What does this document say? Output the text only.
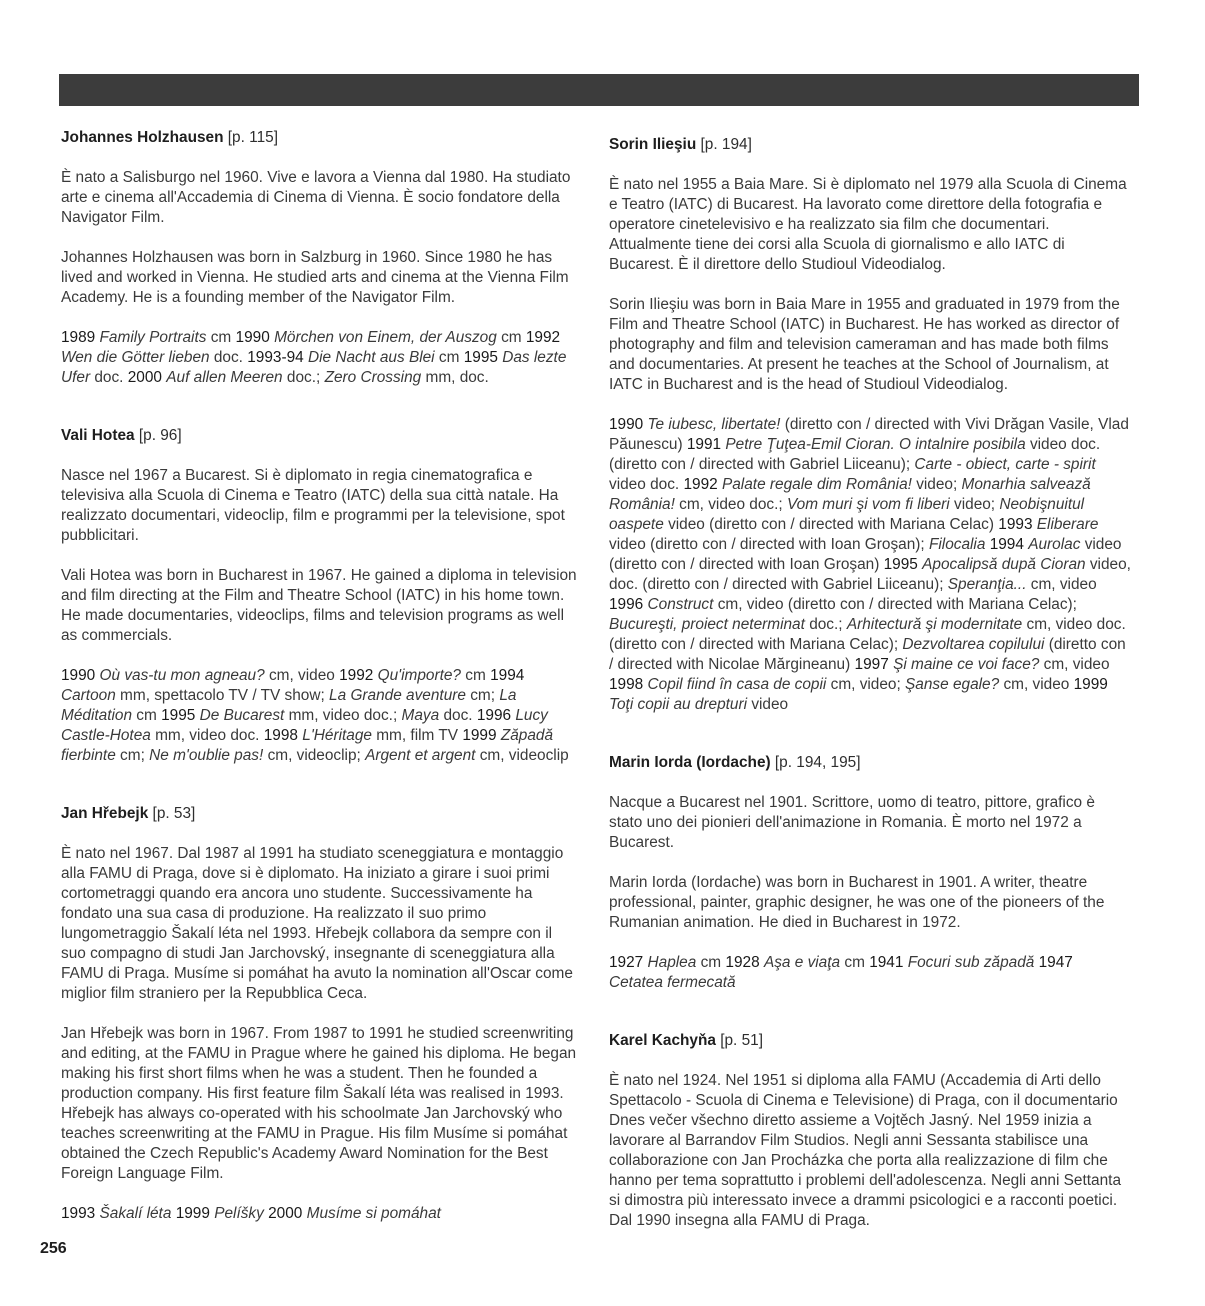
Johannes Holzhausen [p. 115]

È nato a Salisburgo nel 1960. Vive e lavora a Vienna dal 1980. Ha studiato arte e cinema all'Accademia di Cinema di Vienna. È socio fondatore della Navigator Film.

Johannes Holzhausen was born in Salzburg in 1960. Since 1980 he has lived and worked in Vienna. He studied arts and cinema at the Vienna Film Academy. He is a founding member of the Navigator Film.

1989 Family Portraits cm 1990 Mörchen von Einem, der Auszog cm 1992 Wen die Götter lieben doc. 1993-94 Die Nacht aus Blei cm 1995 Das lezte Ufer doc. 2000 Auf allen Meeren doc.; Zero Crossing mm, doc.

Vali Hotea [p. 96]

Nasce nel 1967 a Bucarest. Si è diplomato in regia cinematografica e televisiva alla Scuola di Cinema e Teatro (IATC) della sua città natale. Ha realizzato documentari, videoclip, film e programmi per la televisione, spot pubblicitari.

Vali Hotea was born in Bucharest in 1967. He gained a diploma in television and film directing at the Film and Theatre School (IATC) in his home town. He made documentaries, videoclips, films and television programs as well as commercials.

1990 Où vas-tu mon agneau? cm, video 1992 Qu'importe? cm 1994 Cartoon mm, spettacolo TV / TV show; La Grande aventure cm; La Méditation cm 1995 De Bucarest mm, video doc.; Maya doc. 1996 Lucy Castle-Hotea mm, video doc. 1998 L'Héritage mm, film TV 1999 Zăpadă fierbinte cm; Ne m'oublie pas! cm, videoclip; Argent et argent cm, videoclip

Jan Hřebejk [p. 53]

È nato nel 1967. Dal 1987 al 1991 ha studiato sceneggiatura e montaggio alla FAMU di Praga, dove si è diplomato. Ha iniziato a girare i suoi primi cortometraggi quando era ancora uno studente. Successivamente ha fondato una sua casa di produzione. Ha realizzato il suo primo lungometraggio Šakalí léta nel 1993. Hřebejk collabora da sempre con il suo compagno di studi Jan Jarchovský, insegnante di sceneggiatura alla FAMU di Praga. Musíme si pomáhat ha avuto la nomination all'Oscar come miglior film straniero per la Repubblica Ceca.

Jan Hřebejk was born in 1967. From 1987 to 1991 he studied screenwriting and editing, at the FAMU in Prague where he gained his diploma. He began making his first short films when he was a student. Then he founded a production company. His first feature film Šakalí léta was realised in 1993. Hřebejk has always co-operated with his schoolmate Jan Jarchovský who teaches screenwriting at the FAMU in Prague. His film Musíme si pomáhat obtained the Czech Republic's Academy Award Nomination for the Best Foreign Language Film.

1993 Šakalí léta 1999 Pelíšky 2000 Musíme si pomáhat

Sorin Ilieşiu [p. 194]

È nato nel 1955 a Baia Mare. Si è diplomato nel 1979 alla Scuola di Cinema e Teatro (IATC) di Bucarest. Ha lavorato come direttore della fotografia e operatore cinetelevisivo e ha realizzato sia film che documentari. Attualmente tiene dei corsi alla Scuola di giornalismo e allo IATC di Bucarest. È il direttore dello Studioul Videodialog.

Sorin Ilieşiu was born in Baia Mare in 1955 and graduated in 1979 from the Film and Theatre School (IATC) in Bucharest. He has worked as director of photography and film and television cameraman and has made both films and documentaries. At present he teaches at the School of Journalism, at IATC in Bucharest and is the head of Studioul Videodialog.

1990 Te iubesc, libertate! (diretto con / directed with Vivi Drăgan Vasile, Vlad Păunescu) 1991 Petre Ţuţea-Emil Cioran. O intalnire posibila video doc. (diretto con / directed with Gabriel Liiceanu); Carte - obiect, carte - spirit video doc. 1992 Palate regale dim România! video; Monarhia salvează România! cm, video doc.; Vom muri şi vom fi liberi video; Neobişnuitul oaspete video (diretto con / directed with Mariana Celac) 1993 Eliberare video (diretto con / directed with Ioan Groşan); Filocalia 1994 Aurolac video (diretto con / directed with Ioan Groşan) 1995 Apocalipsă după Cioran video, doc. (diretto con / directed with Gabriel Liiceanu); Speranţia... cm, video 1996 Construct cm, video (diretto con / directed with Mariana Celac); Bucureşti, proiect neterminat doc.; Arhitectură şi modernitate cm, video doc. (diretto con / directed with Mariana Celac); Dezvoltarea copilului (diretto con / directed with Nicolae Mărgineanu) 1997 Şi maine ce voi face? cm, video 1998 Copil fiind în casa de copii cm, video; Şanse egale? cm, video 1999 Toţi copii au drepturi video

Marin Iorda (Iordache) [p. 194, 195]

Nacque a Bucarest nel 1901. Scrittore, uomo di teatro, pittore, grafico è stato uno dei pionieri dell'animazione in Romania. È morto nel 1972 a Bucarest.

Marin Iorda (Iordache) was born in Bucharest in 1901. A writer, theatre professional, painter, graphic designer, he was one of the pioneers of the Rumanian animation. He died in Bucharest in 1972.

1927 Haplea cm 1928 Aşa e viaţa cm 1941 Focuri sub zăpadă 1947 Cetatea fermecată

Karel Kachyňa [p. 51]

È nato nel 1924. Nel 1951 si diploma alla FAMU (Accademia di Arti dello Spettacolo - Scuola di Cinema e Televisione) di Praga, con il documentario Dnes večer všechno diretto assieme a Vojtěch Jasný. Nel 1959 inizia a lavorare al Barrandov Film Studios. Negli anni Sessanta stabilisce una collaborazione con Jan Procházka che porta alla realizzazione di film che hanno per tema soprattutto i problemi dell'adolescenza. Negli anni Settanta si dimostra più interessato invece a drammi psicologici e a racconti poetici. Dal 1990 insegna alla FAMU di Praga.

256
